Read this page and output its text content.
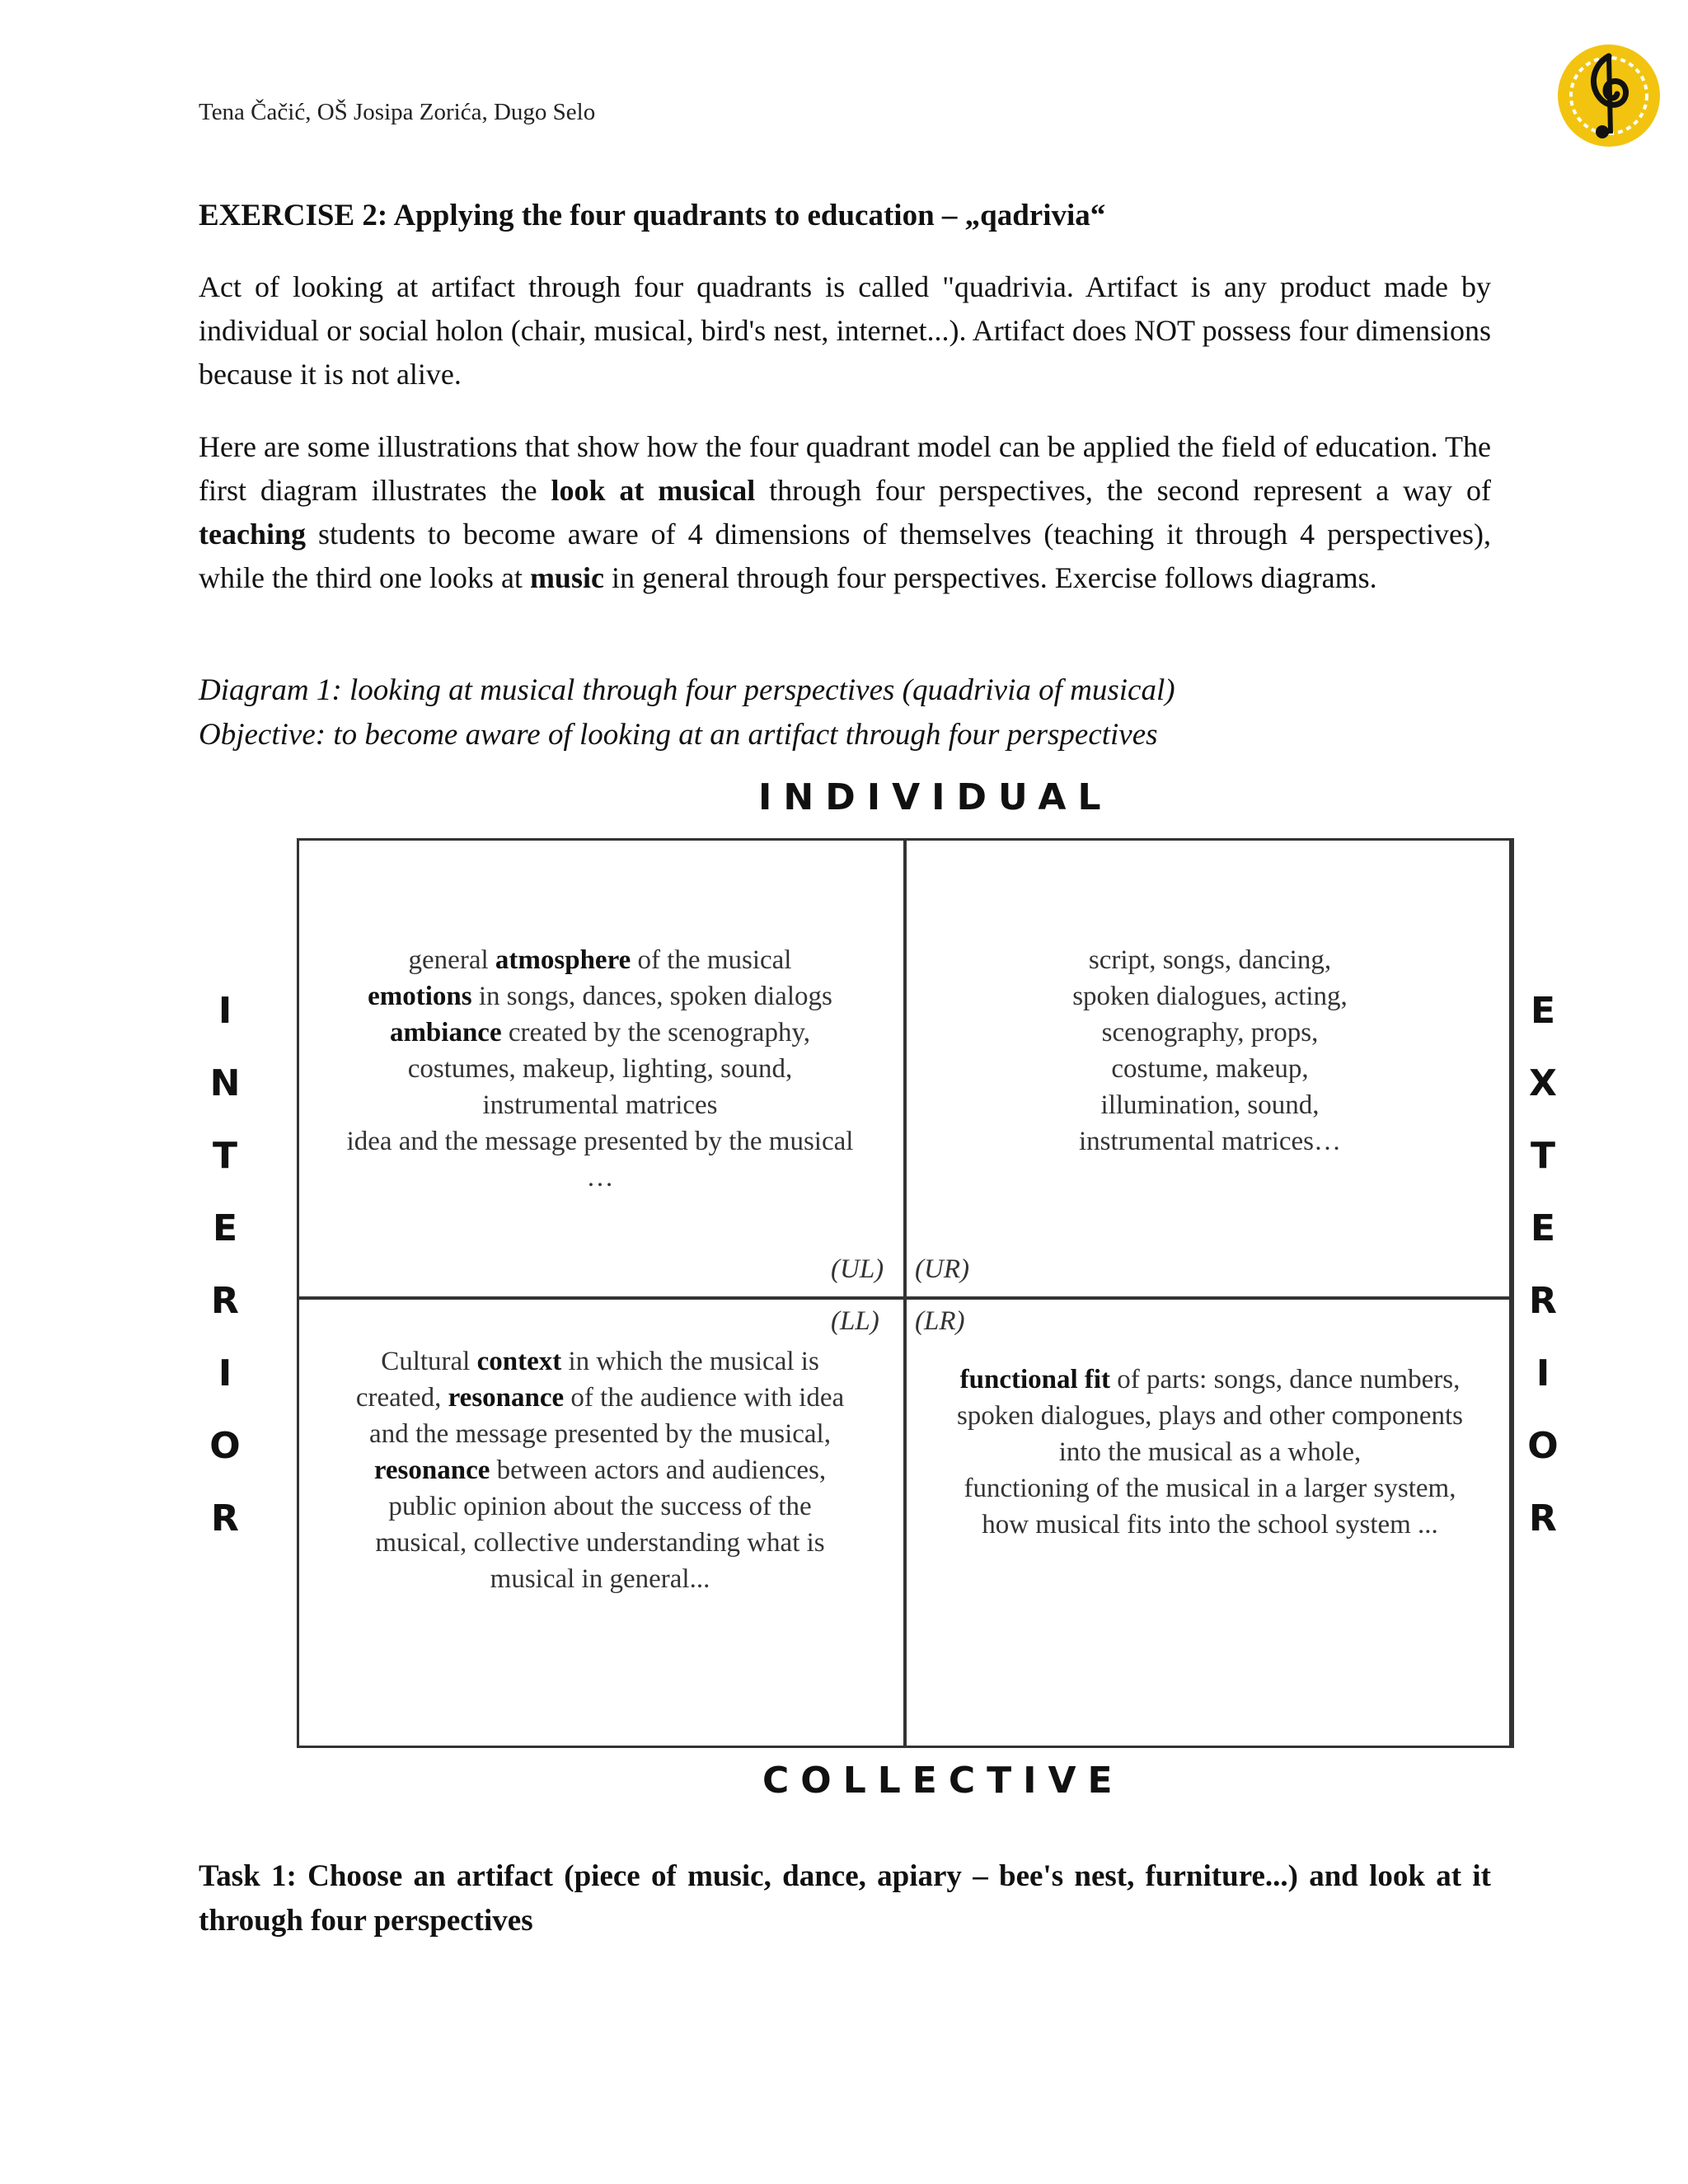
Tena Čačić, OŠ Josipa Zorića, Dugo Selo
EXERCISE 2: Applying the four quadrants to education – „qadrivia“
Act of looking at artifact through four quadrants is called "quadrivia. Artifact is any product made by individual or social holon (chair, musical, bird's nest, internet...). Artifact does NOT possess four dimensions because it is not alive.
Here are some illustrations that show how the four quadrant model can be applied the field of education. The first diagram illustrates the look at musical through four perspectives, the second represent a way of teaching students to become aware of 4 dimensions of themselves (teaching it through 4 perspectives), while the third one looks at music in general through four perspectives. Exercise follows diagrams.
Diagram 1: looking at musical through four perspectives (quadrivia of musical)
Objective: to become aware of looking at an artifact through four perspectives
INDIVIDUAL
COLLECTIVE
I
N
T
E
R
I
O
R
E
X
T
E
R
I
O
R
general atmosphere of the musical
emotions in songs, dances, spoken dialogs
ambiance created by the scenography,
costumes, makeup, lighting, sound,
instrumental matrices
idea and the message presented by the musical
…
script, songs, dancing,
spoken dialogues, acting,
scenography, props,
costume, makeup,
illumination, sound,
instrumental matrices…
Cultural context in which the musical is
created, resonance of the audience with idea
and the message presented by the musical,
resonance between actors and audiences,
public opinion about the success of the
musical, collective understanding what is
musical in general...
functional fit of parts: songs, dance numbers,
spoken dialogues, plays and other components
into the musical as a whole,
functioning of the musical in a larger system,
how musical fits into the school system ...
(UL) (UR)
(LL) (LR)
Task 1: Choose an artifact (piece of music, dance, apiary – bee's nest, furniture...) and look at it through four perspectives
